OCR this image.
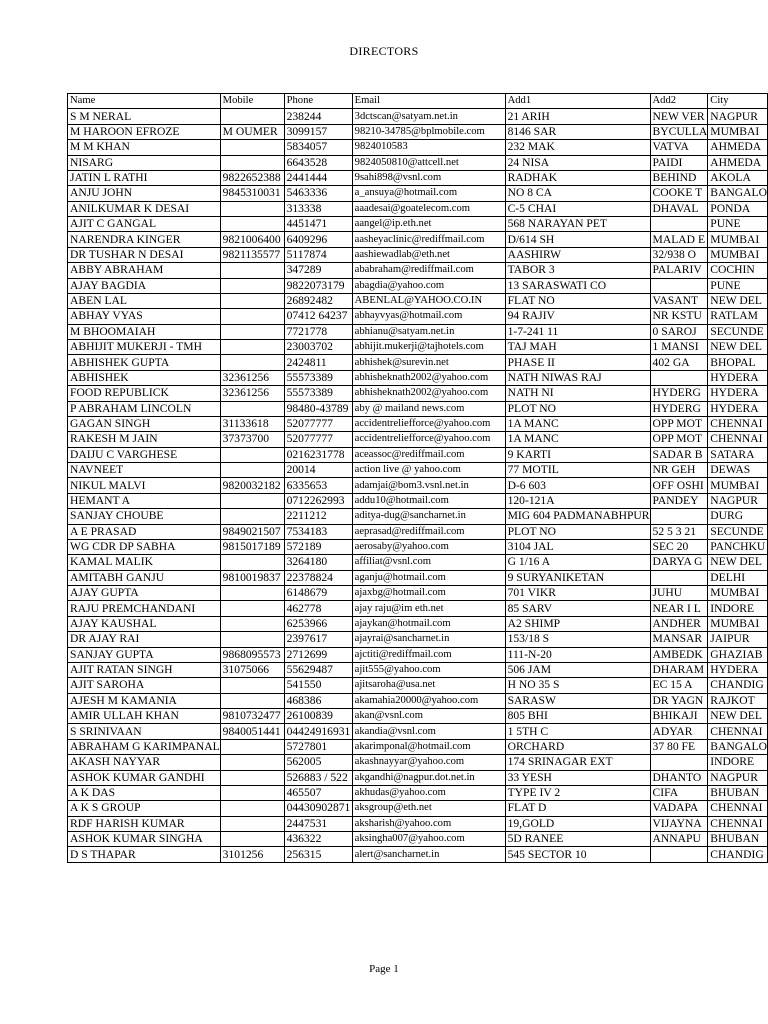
DIRECTORS
Name	Mobile	Phone	Email	Add1	Add2	City
S M NERAL		238244	3dctscan@satyam.net.in	21 ARIH	NEW VER	NAGPUR
M HAROON EFROZE	M OUMER	3099157	98210-34785@bplmobile.com	8146 SAR	BYCULLA	MUMBAI
M M KHAN		5834057	9824010583	232 MAK	VATVA	AHMEDA
NISARG		6643528	9824050810@attcell.net	24 NISA	PAIDI	AHMEDA
JATIN L RATHI	9822652388	2441444	9sahi898@vsnl.com	RADHAK	BEHIND	AKOLA
ANJU JOHN	9845310031	5463336	a_ansuya@hotmail.com	NO 8 CA	COOKE T	BANGALO
ANILKUMAR K DESAI		313338	aaadesai@goatelecom.com	C-5 CHAI	DHAVAL	PONDA
AJIT C GANGAL		4451471	aangel@ip.eth.net	568 NARAYAN PET		PUNE
NARENDRA KINGER	9821006400	6409296	aasheyaclinic@rediffmail.com	D/614 SH	MALAD E	MUMBAI
DR TUSHAR N DESAI	9821135577	5117874	aashiewadlab@eth.net	AASHIRW	32/938 O	MUMBAI
ABBY ABRAHAM		347289	ababraham@rediffmail.com	TABOR 3	PALARIV	COCHIN
AJAY BAGDIA		9822073179	abagdia@yahoo.com	13 SARASWATI CO		PUNE
ABEN LAL		26892482	ABENLAL@YAHOO.CO.IN	FLAT NO	VASANT	NEW DEL
ABHAY VYAS		07412 64237	abhayvyas@hotmail.com	94 RAJIV	NR KSTU	RATLAM
M BHOOMAIAH		7721778	abhianu@satyam.net.in	1-7-241 11	0 SAROJ	SECUNDE
ABHIJIT MUKERJI - TMH		23003702	abhijit.mukerji@tajhotels.com	TAJ MAH	1 MANSI	NEW DEL
ABHISHEK GUPTA		2424811	abhishek@surevin.net	PHASE II	402 GA	BHOPAL
ABHISHEK	32361256	55573389	abhisheknath2002@yahoo.com	NATH NIWAS RAJ		HYDERA
FOOD REPUBLICK	32361256	55573389	abhisheknath2002@yahoo.com	NATH NI	HYDERG	HYDERA
P ABRAHAM LINCOLN		98480-43789	aby @ mailand news.com	PLOT NO	HYDERG	HYDERA
GAGAN SINGH	31133618	52077777	accidentreliefforce@yahoo.com	1A MANC	OPP MOT	CHENNAI
RAKESH M JAIN	37373700	52077777	accidentreliefforce@yahoo.com	1A MANC	OPP MOT	CHENNAI
DAIJU C VARGHESE		0216231778	aceassoc@rediffmail.com	9 KARTI	SADAR B	SATARA
NAVNEET		20014	action live @ yahoo.com	77 MOTIL	NR GEH	DEWAS
NIKUL MALVI	9820032182	6335653	adamjai@bom3.vsnl.net.in	D-6 603	OFF OSHI	MUMBAI
HEMANT A		0712262993	addu10@hotmail.com	120-121A	PANDEY	NAGPUR
SANJAY CHOUBE		2211212	aditya-dug@sancharnet.in	MIG 604 PADMANABHPUR		DURG
A E PRASAD	9849021507	7534183	aeprasad@rediffmail.com	PLOT NO	52 5 3 21	SECUNDE
WG CDR DP SABHA	9815017189	572189	aerosaby@yahoo.com	3104 JAL	SEC 20	PANCHKU
KAMAL MALIK		3264180	affiliat@vsnl.com	G 1/16 A	DARYA G	NEW DEL
AMITABH GANJU	9810019837	22378824	aganju@hotmail.com	9 SURYANIKETAN		DELHI
AJAY GUPTA		6148679	ajaxbg@hotmail.com	701 VIKR	JUHU	MUMBAI
RAJU PREMCHANDANI		462778	ajay raju@im eth.net	85 SARV	NEAR I L	INDORE
AJAY KAUSHAL		6253966	ajaykan@hotmail.com	A2 SHIMP	ANDHER	MUMBAI
DR AJAY RAI		2397617	ajayrai@sancharnet.in	153/18 S	MANSAR	JAIPUR
SANJAY GUPTA	9868095573	2712699	ajctiti@rediffmail.com	111-N-20	AMBEDK	GHAZIAB
AJIT RATAN SINGH	31075066	55629487	ajit555@yahoo.com	506 JAM	DHARAM	HYDERA
AJIT SAROHA		541550	ajitsaroha@usa.net	H NO 35 S	EC 15 A	CHANDIG
AJESH M KAMANIA		468386	akamahia20000@yahoo.com	SARASW	DR YAGN	RAJKOT
AMIR ULLAH KHAN	9810732477	26100839	akan@vsnl.com	805 BHI	BHIKAJI	NEW DEL
S SRINIVAAN	9840051441	04424916931	akandia@vsnl.com	1 5TH C	ADYAR	CHENNAI
ABRAHAM G KARIMPANAL		5727801	akarimponal@hotmail.com	ORCHARD	37 80 FE	BANGALO
AKASH NAYYAR		562005	akashnayyar@yahoo.com	174 SRINAGAR EXT		INDORE
ASHOK KUMAR GANDHI		526883 / 522	akgandhi@nagpur.dot.net.in	33 YESH	DHANTO	NAGPUR
A K DAS		465507	akhudas@yahoo.com	TYPE IV 2	CIFA	BHUBAN
A K S GROUP		04430902871	aksgroup@eth.net	FLAT D	VADAPA	CHENNAI
RDF HARISH KUMAR		2447531	aksharish@yahoo.com	19,GOLD	VIJAYNA	CHENNAI
ASHOK KUMAR SINGHA		436322	aksingha007@yahoo.com	5D RANEE	ANNAPU	BHUBAN
D S THAPAR	3101256	256315	alert@sancharnet.in	545 SECTOR 10		CHANDIG
Page 1
